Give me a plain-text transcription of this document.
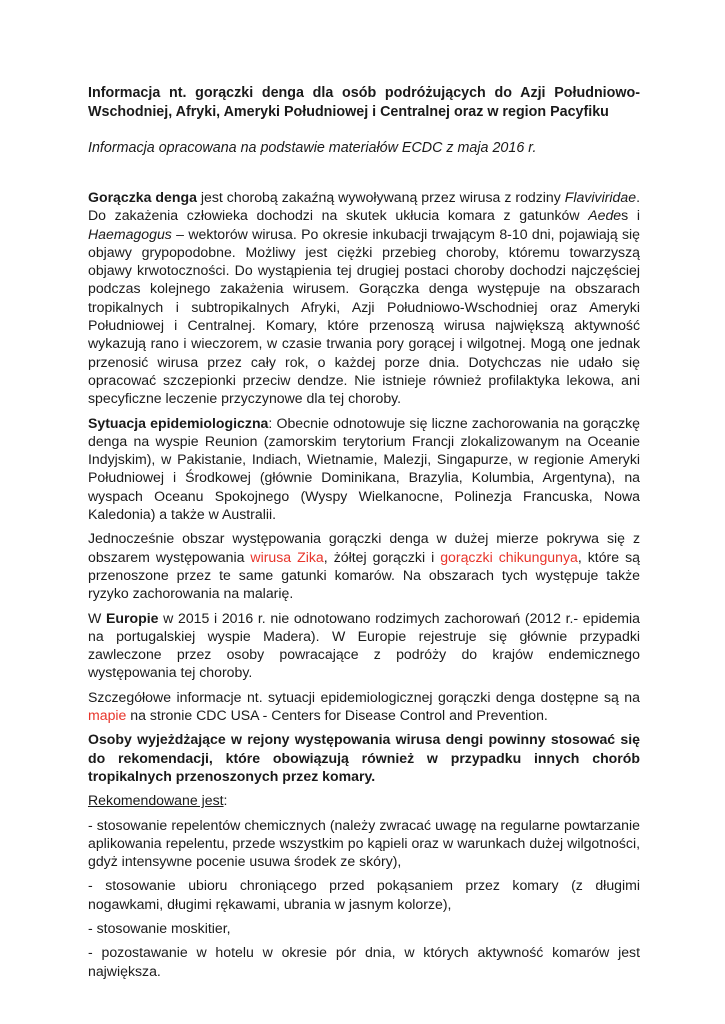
Informacja nt. gorączki denga dla osób podróżujących do Azji Południowo-Wschodniej, Afryki, Ameryki Południowej i Centralnej oraz w region Pacyfiku

Informacja opracowana na podstawie materiałów ECDC z maja 2016 r.

Gorączka denga jest chorobą zakaźną wywoływaną przez wirusa z rodziny Flaviviridae. Do zakażenia człowieka dochodzi na skutek ukłucia komara z gatunków Aedes i Haemagogus – wektorów wirusa. Po okresie inkubacji trwającym 8-10 dni, pojawiają się objawy grypopodobne. Możliwy jest ciężki przebieg choroby, któremu towarzyszą objawy krwotoczności. Do wystąpienia tej drugiej postaci choroby dochodzi najczęściej podczas kolejnego zakażenia wirusem. Gorączka denga występuje na obszarach tropikalnych i subtropikalnych Afryki, Azji Południowo-Wschodniej oraz Ameryki Południowej i Centralnej. Komary, które przenoszą wirusa największą aktywność wykazują rano i wieczorem, w czasie trwania pory gorącej i wilgotnej. Mogą one jednak przenosić wirusa przez cały rok, o każdej porze dnia. Dotychczas nie udało się opracować szczepionki przeciw dendze. Nie istnieje również profilaktyka lekowa, ani specyficzne leczenie przyczynowe dla tej choroby.

Sytuacja epidemiologiczna: Obecnie odnotowuje się liczne zachorowania na gorączkę denga na wyspie Reunion (zamorskim terytorium Francji zlokalizowanym na Oceanie Indyjskim), w Pakistanie, Indiach, Wietnamie, Malezji, Singapurze, w regionie Ameryki Południowej i Środkowej (głównie Dominikana, Brazylia, Kolumbia, Argentyna), na wyspach Oceanu Spokojnego (Wyspy Wielkanocne, Polinezja Francuska, Nowa Kaledonia) a także w Australii.

Jednocześnie obszar występowania gorączki denga w dużej mierze pokrywa się z obszarem występowania wirusa Zika, żółtej gorączki i gorączki chikungunya, które są przenoszone przez te same gatunki komarów. Na obszarach tych występuje także ryzyko zachorowania na malarię.

W Europie w 2015 i 2016 r. nie odnotowano rodzimych zachorowań (2012 r.- epidemia na portugalskiej wyspie Madera). W Europie rejestruje się głównie przypadki zawleczone przez osoby powracające z podróży do krajów endemicznego występowania tej choroby.

Szczegółowe informacje nt. sytuacji epidemiologicznej gorączki denga dostępne są na mapie na stronie CDC USA - Centers for Disease Control and Prevention.

Osoby wyjeżdżające w rejony występowania wirusa dengi powinny stosować się do rekomendacji, które obowiązują również w przypadku innych chorób tropikalnych przenoszonych przez komary.

Rekomendowane jest:

- stosowanie repelentów chemicznych (należy zwracać uwagę na regularne powtarzanie aplikowania repelentu, przede wszystkim po kąpieli oraz w warunkach dużej wilgotności, gdyż intensywne pocenie usuwa środek ze skóry),

- stosowanie ubioru chroniącego przed pokąsaniem przez komary (z długimi nogawkami, długimi rękawami, ubrania w jasnym kolorze),

- stosowanie moskitier,

- pozostawanie w hotelu w okresie pór dnia, w których aktywność komarów jest największa.
